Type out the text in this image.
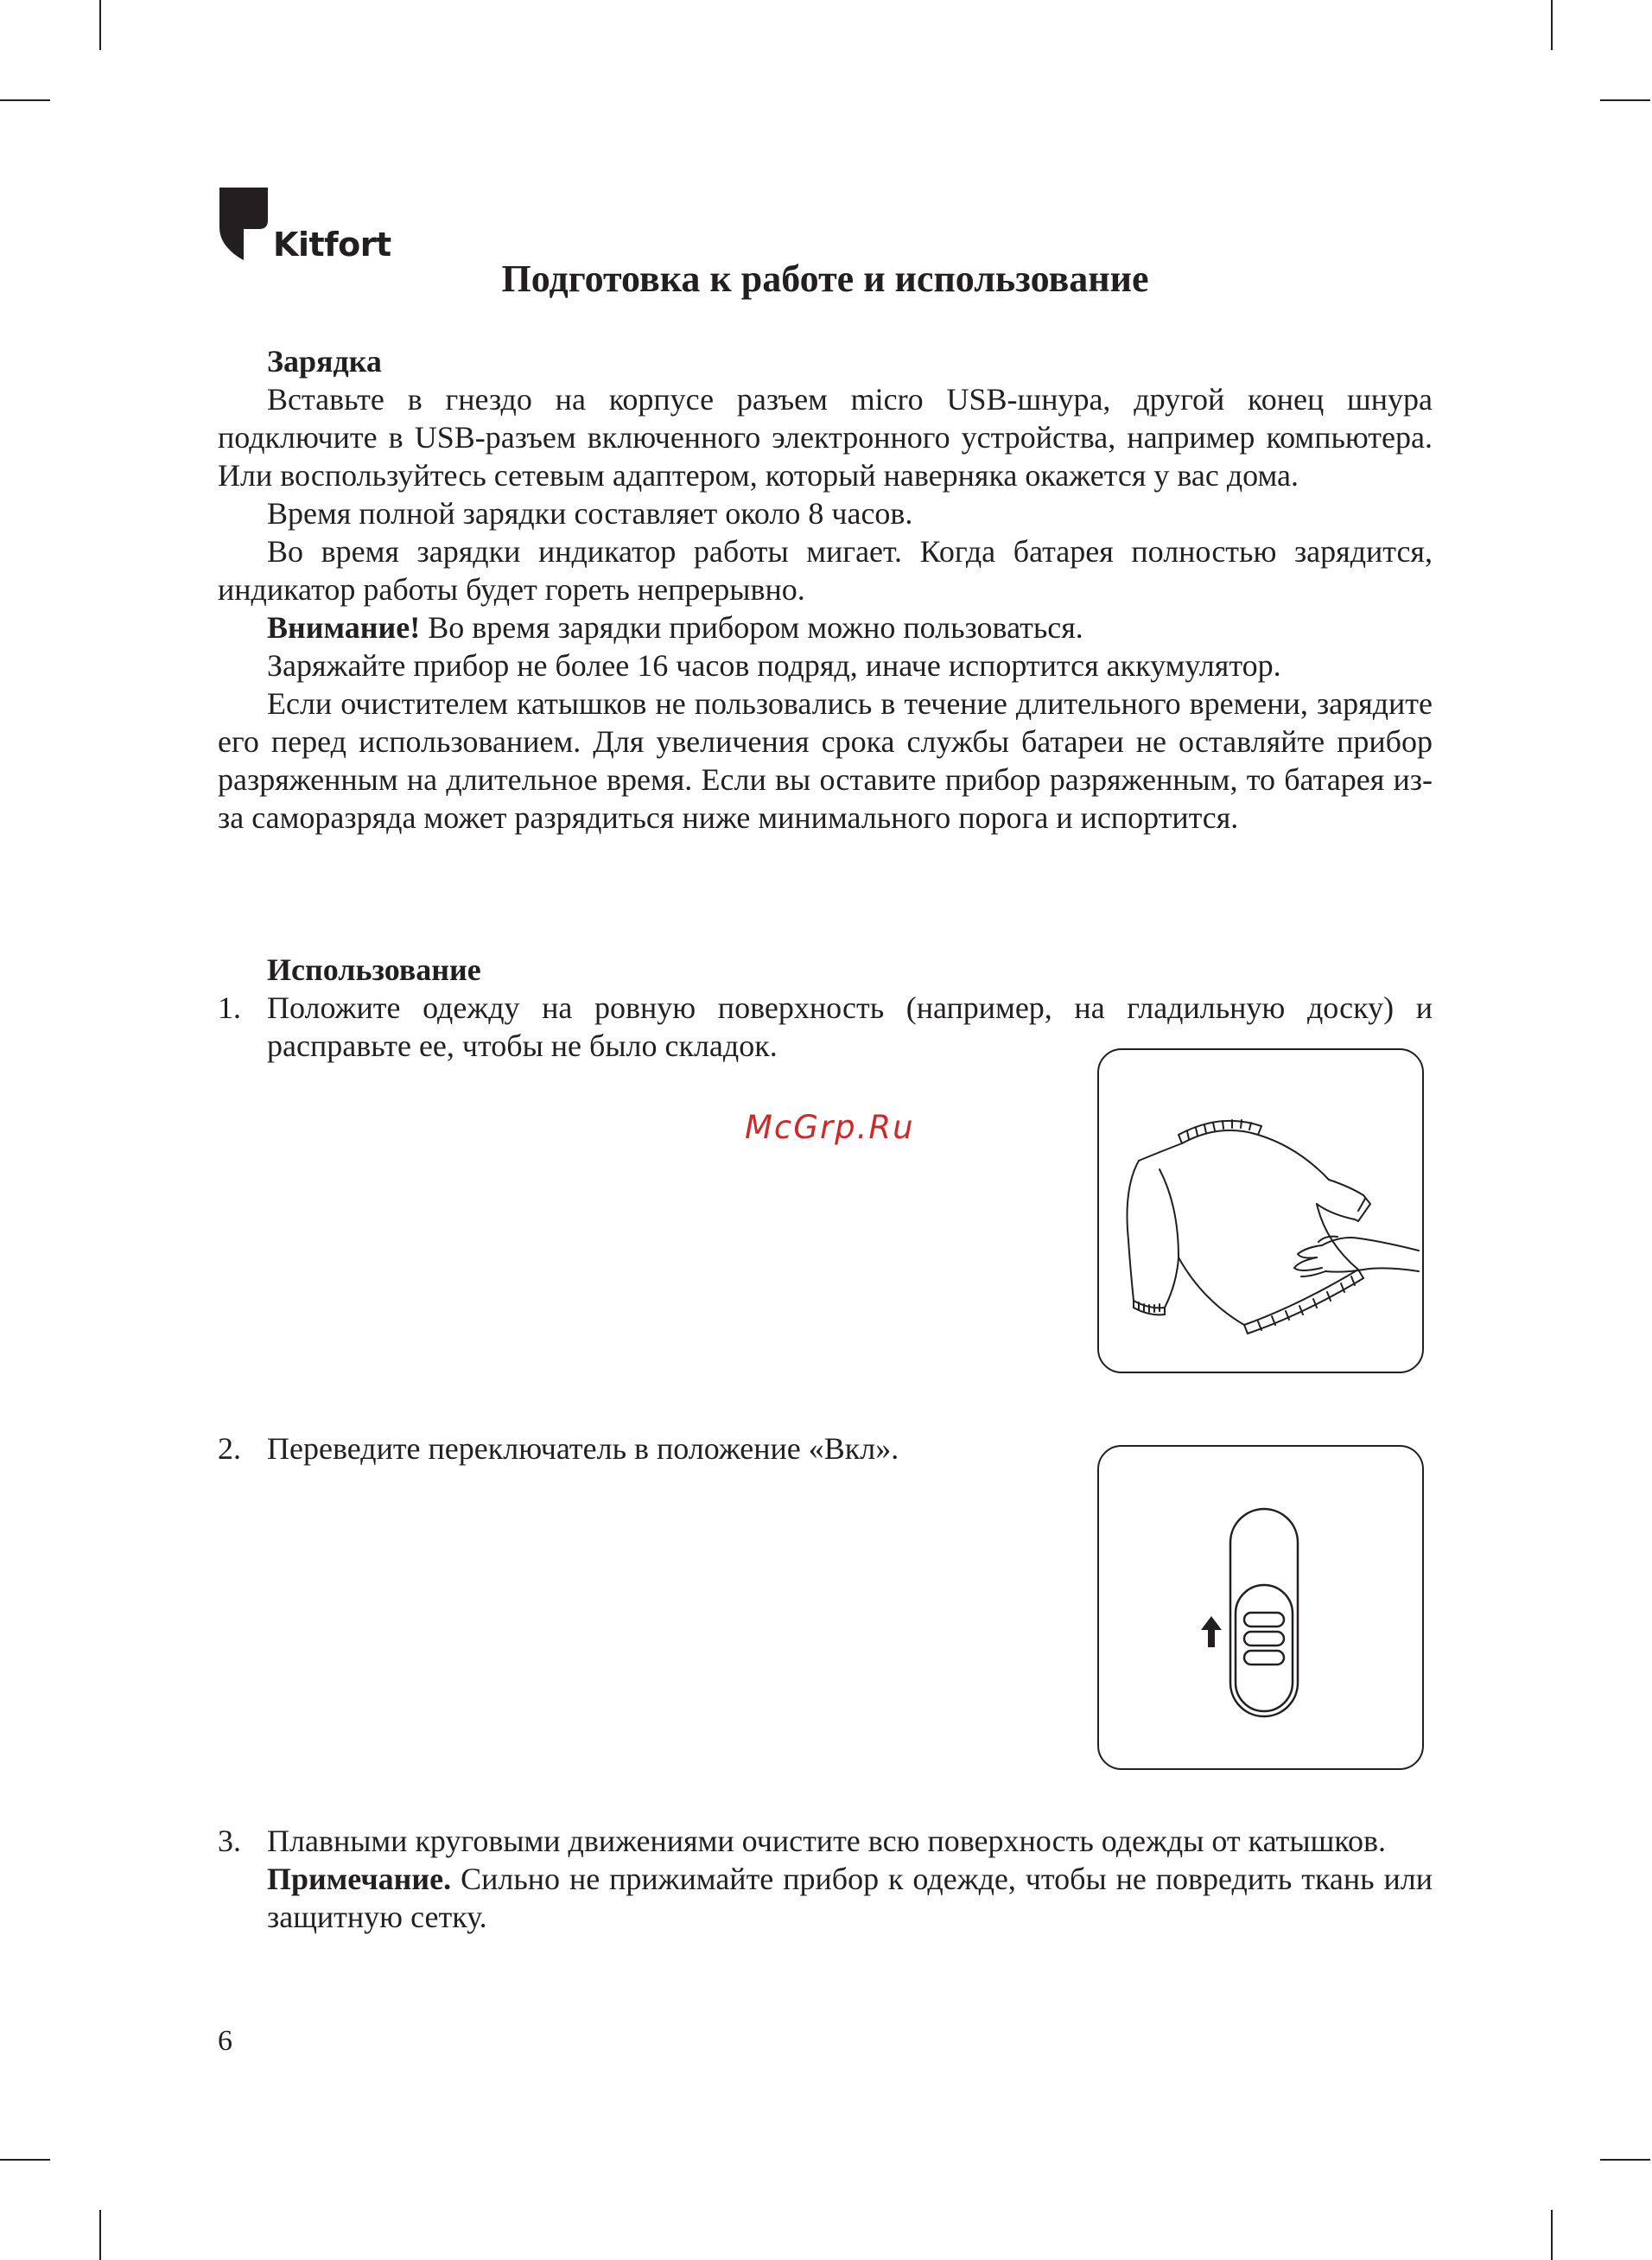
Kitfort
Подготовка к работе и использование

Зарядка

Вставьте в гнездо на корпусе разъем micro USB-шнура, другой конец шнура подключите в USB-разъем включенного электронного устройства, например компьютера. Или воспользуйтесь сетевым адаптером, который наверняка окажется у вас дома.

Время полной зарядки составляет около 8 часов.

Во время зарядки индикатор работы мигает. Когда батарея полностью зарядится, индикатор работы будет гореть непрерывно.

Внимание! Во время зарядки прибором можно пользоваться.

Заряжайте прибор не более 16 часов подряд, иначе испортится аккумулятор.

Если очистителем катышков не пользовались в течение длительного времени, зарядите его перед использованием. Для увеличения срока службы батареи не оставляйте прибор разряженным на длительное время. Если вы оставите прибор разряженным, то батарея из-за саморазряда может разрядиться ниже минимального порога и испортится.

Использование

1. Положите одежду на ровную поверхность (например, на гладильную доску) и расправьте ее, чтобы не было складок.

2. Переведите переключатель в положение «Вкл».

3. Плавными круговыми движениями очистите всю поверхность одежды от катышков.

Примечание. Сильно не прижимайте прибор к одежде, чтобы не повредить ткань или защитную сетку.

McGrp.Ru
6
